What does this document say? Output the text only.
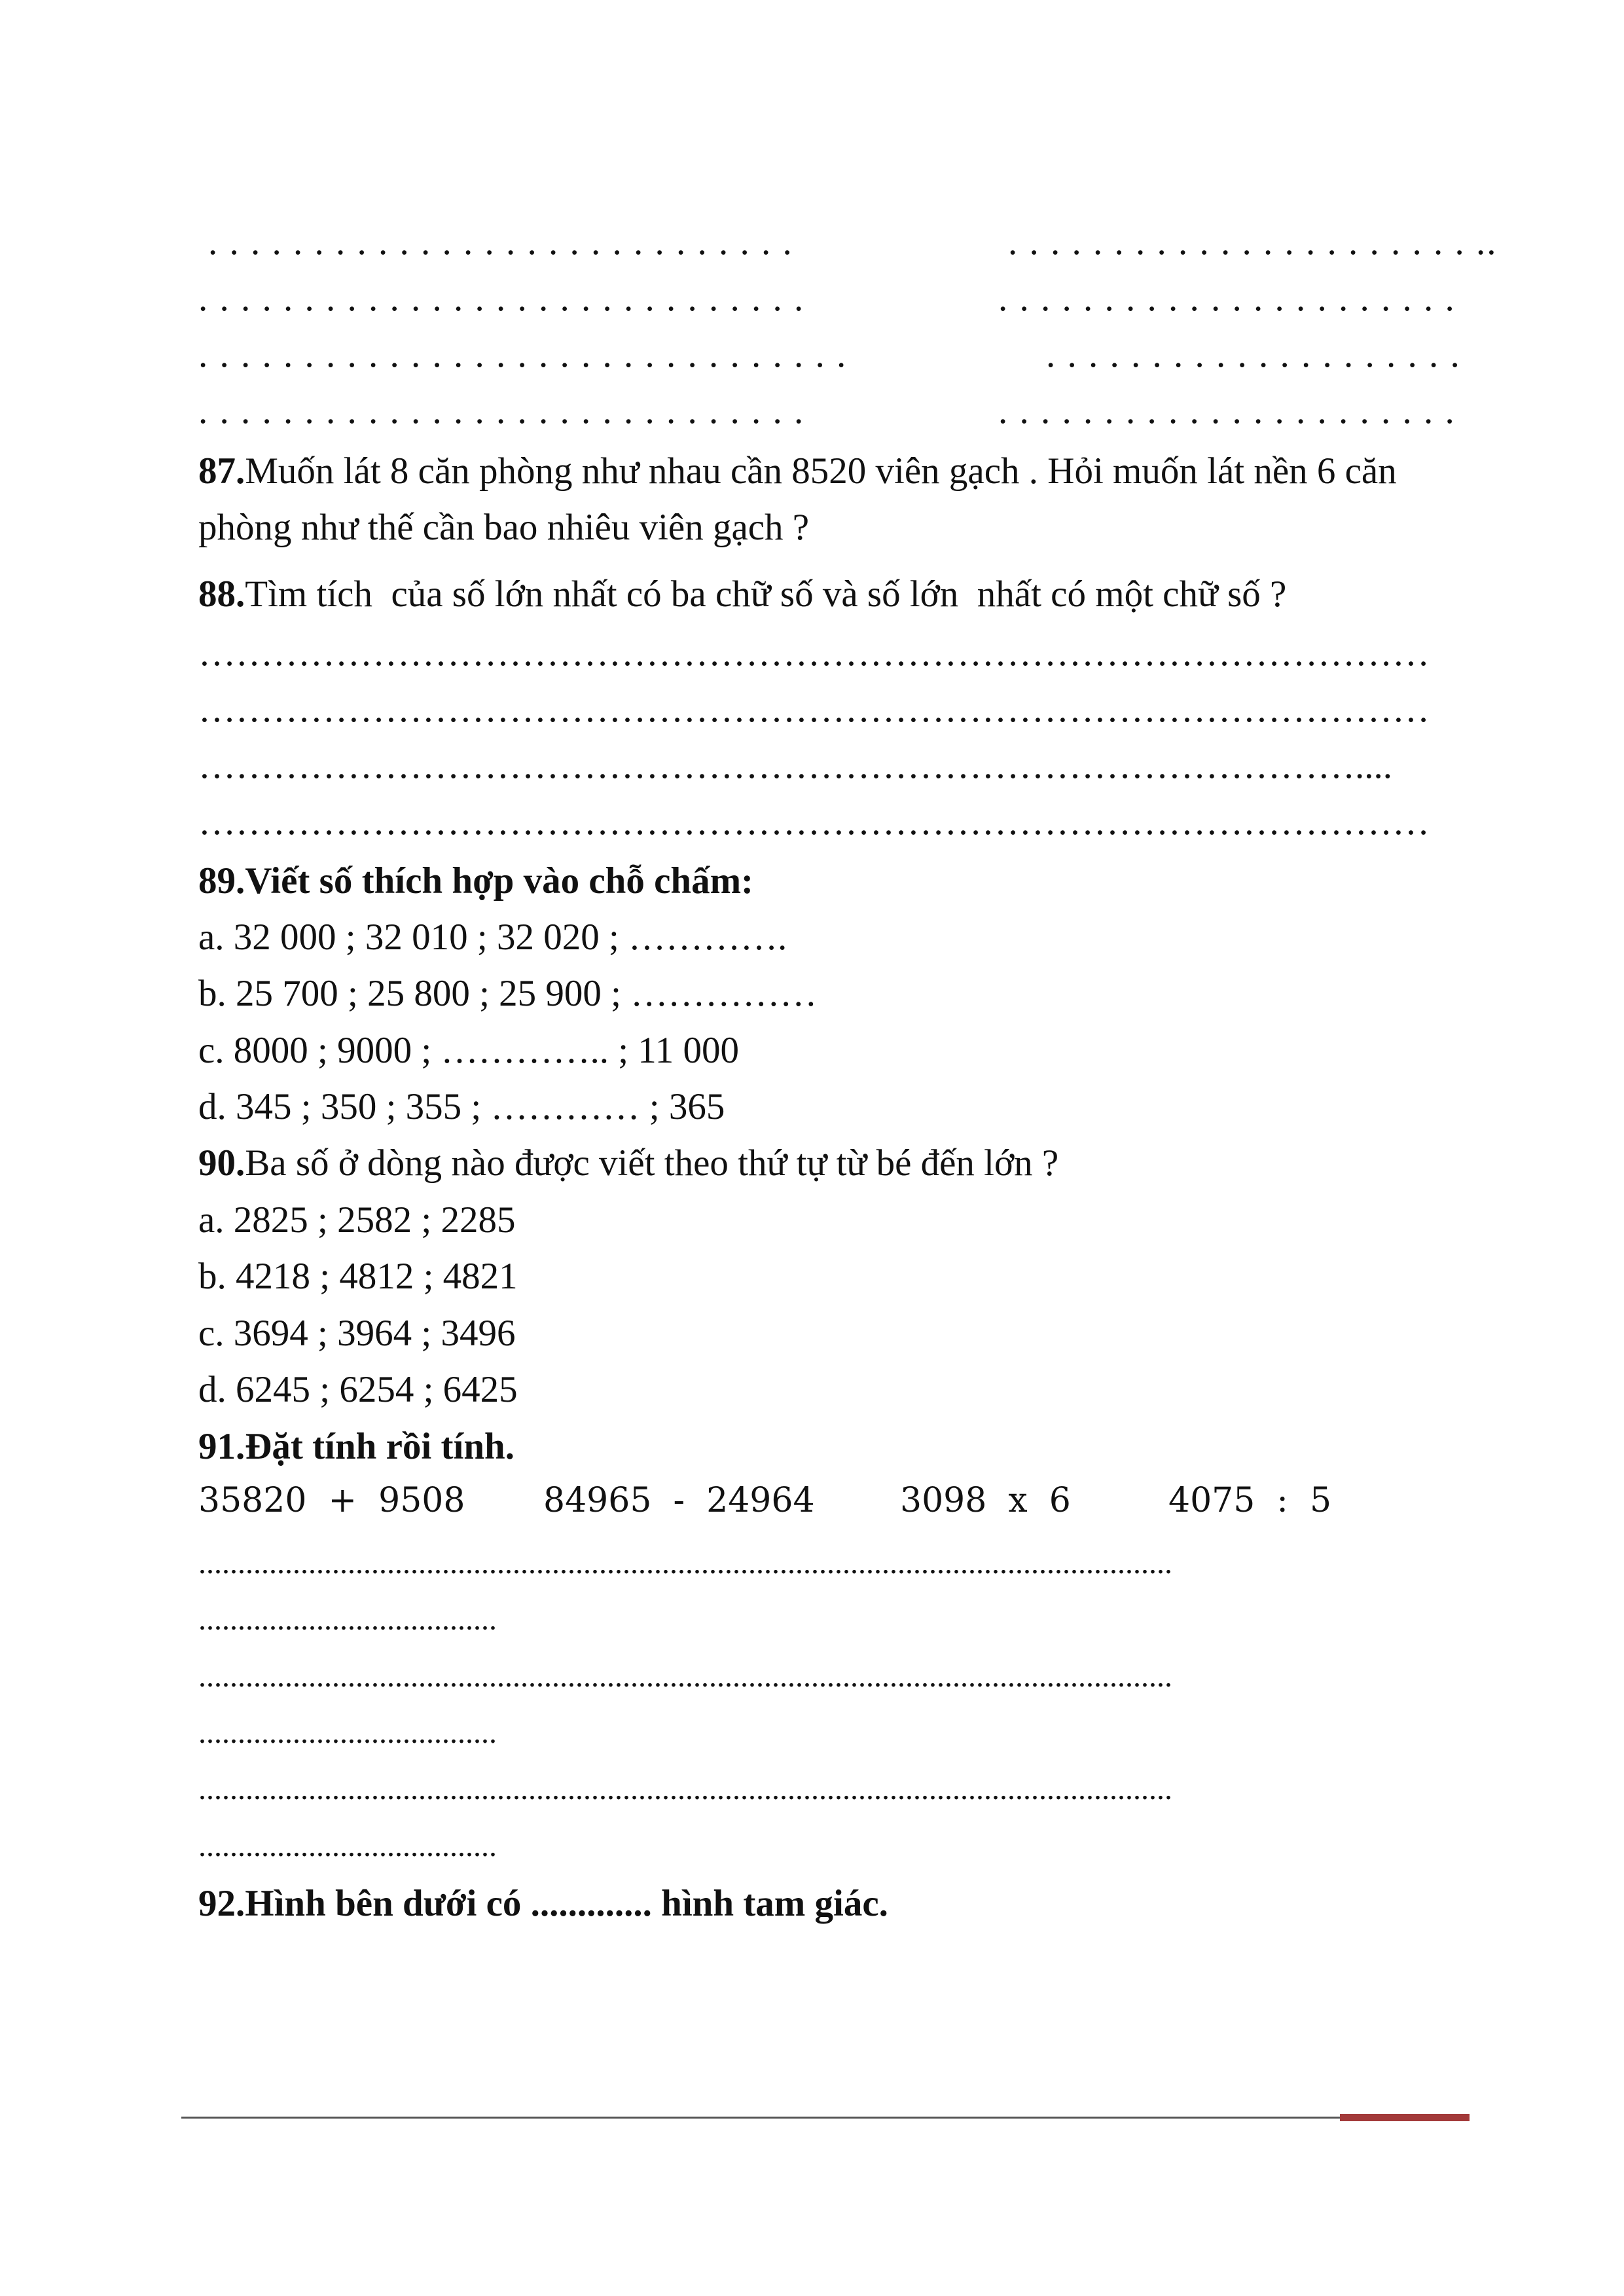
. . . . . . . . . . . . . . . . . . . . . . . . . . . .	. . . . . . . . . . . . . . . . . . . . . . ..
. . . . . . . . . . . . . . . . . . . . . . . . . . . . .	. . . . . . . . . . . . . . . . . . . . . .
. . . . . . . . . . . . . . . . . . . . . . . . . . . . . . .	. . . . . . . . . . . . . . . . . . . .
. . . . . . . . . . . . . . . . . . . . . . . . . . . . .	. . . . . . . . . . . . . . . . . . . . . .
87.Muốn lát 8 căn phòng như nhau cần 8520 viên gạch . Hỏi muốn lát nền 6 căn
phòng như thế cần bao nhiêu viên gạch ?
88.Tìm tích  của số lớn nhất có ba chữ số và số lớn  nhất có một chữ số ?
………………………………………………………………………………………
………………………………………………………………………………………
…………………………………………………………………………………....
………………………………………………………………………………………
89.Viết số thích hợp vào chỗ chấm:
a. 32 000 ; 32 010 ; 32 020 ; ………….
b. 25 700 ; 25 800 ; 25 900 ; ……………
c. 8000 ; 9000 ; ………….. ; 11 000
d. 345 ; 350 ; 355 ; ………… ; 365
90.Ba số ở dòng nào được viết theo thứ tự từ bé đến lớn ?
a. 2825 ; 2582 ; 2285
b. 4218 ; 4812 ; 4821
c. 3694 ; 3964 ; 3496
d. 6245 ; 6254 ; 6425
91.Đặt tính rồi tính.
35820  +  9508 84965  -  24964	3098  x  6	4075  :  5
............................................................................................................................
......................................
............................................................................................................................
......................................
............................................................................................................................
......................................
92.Hình bên dưới có ............. hình tam giác.
